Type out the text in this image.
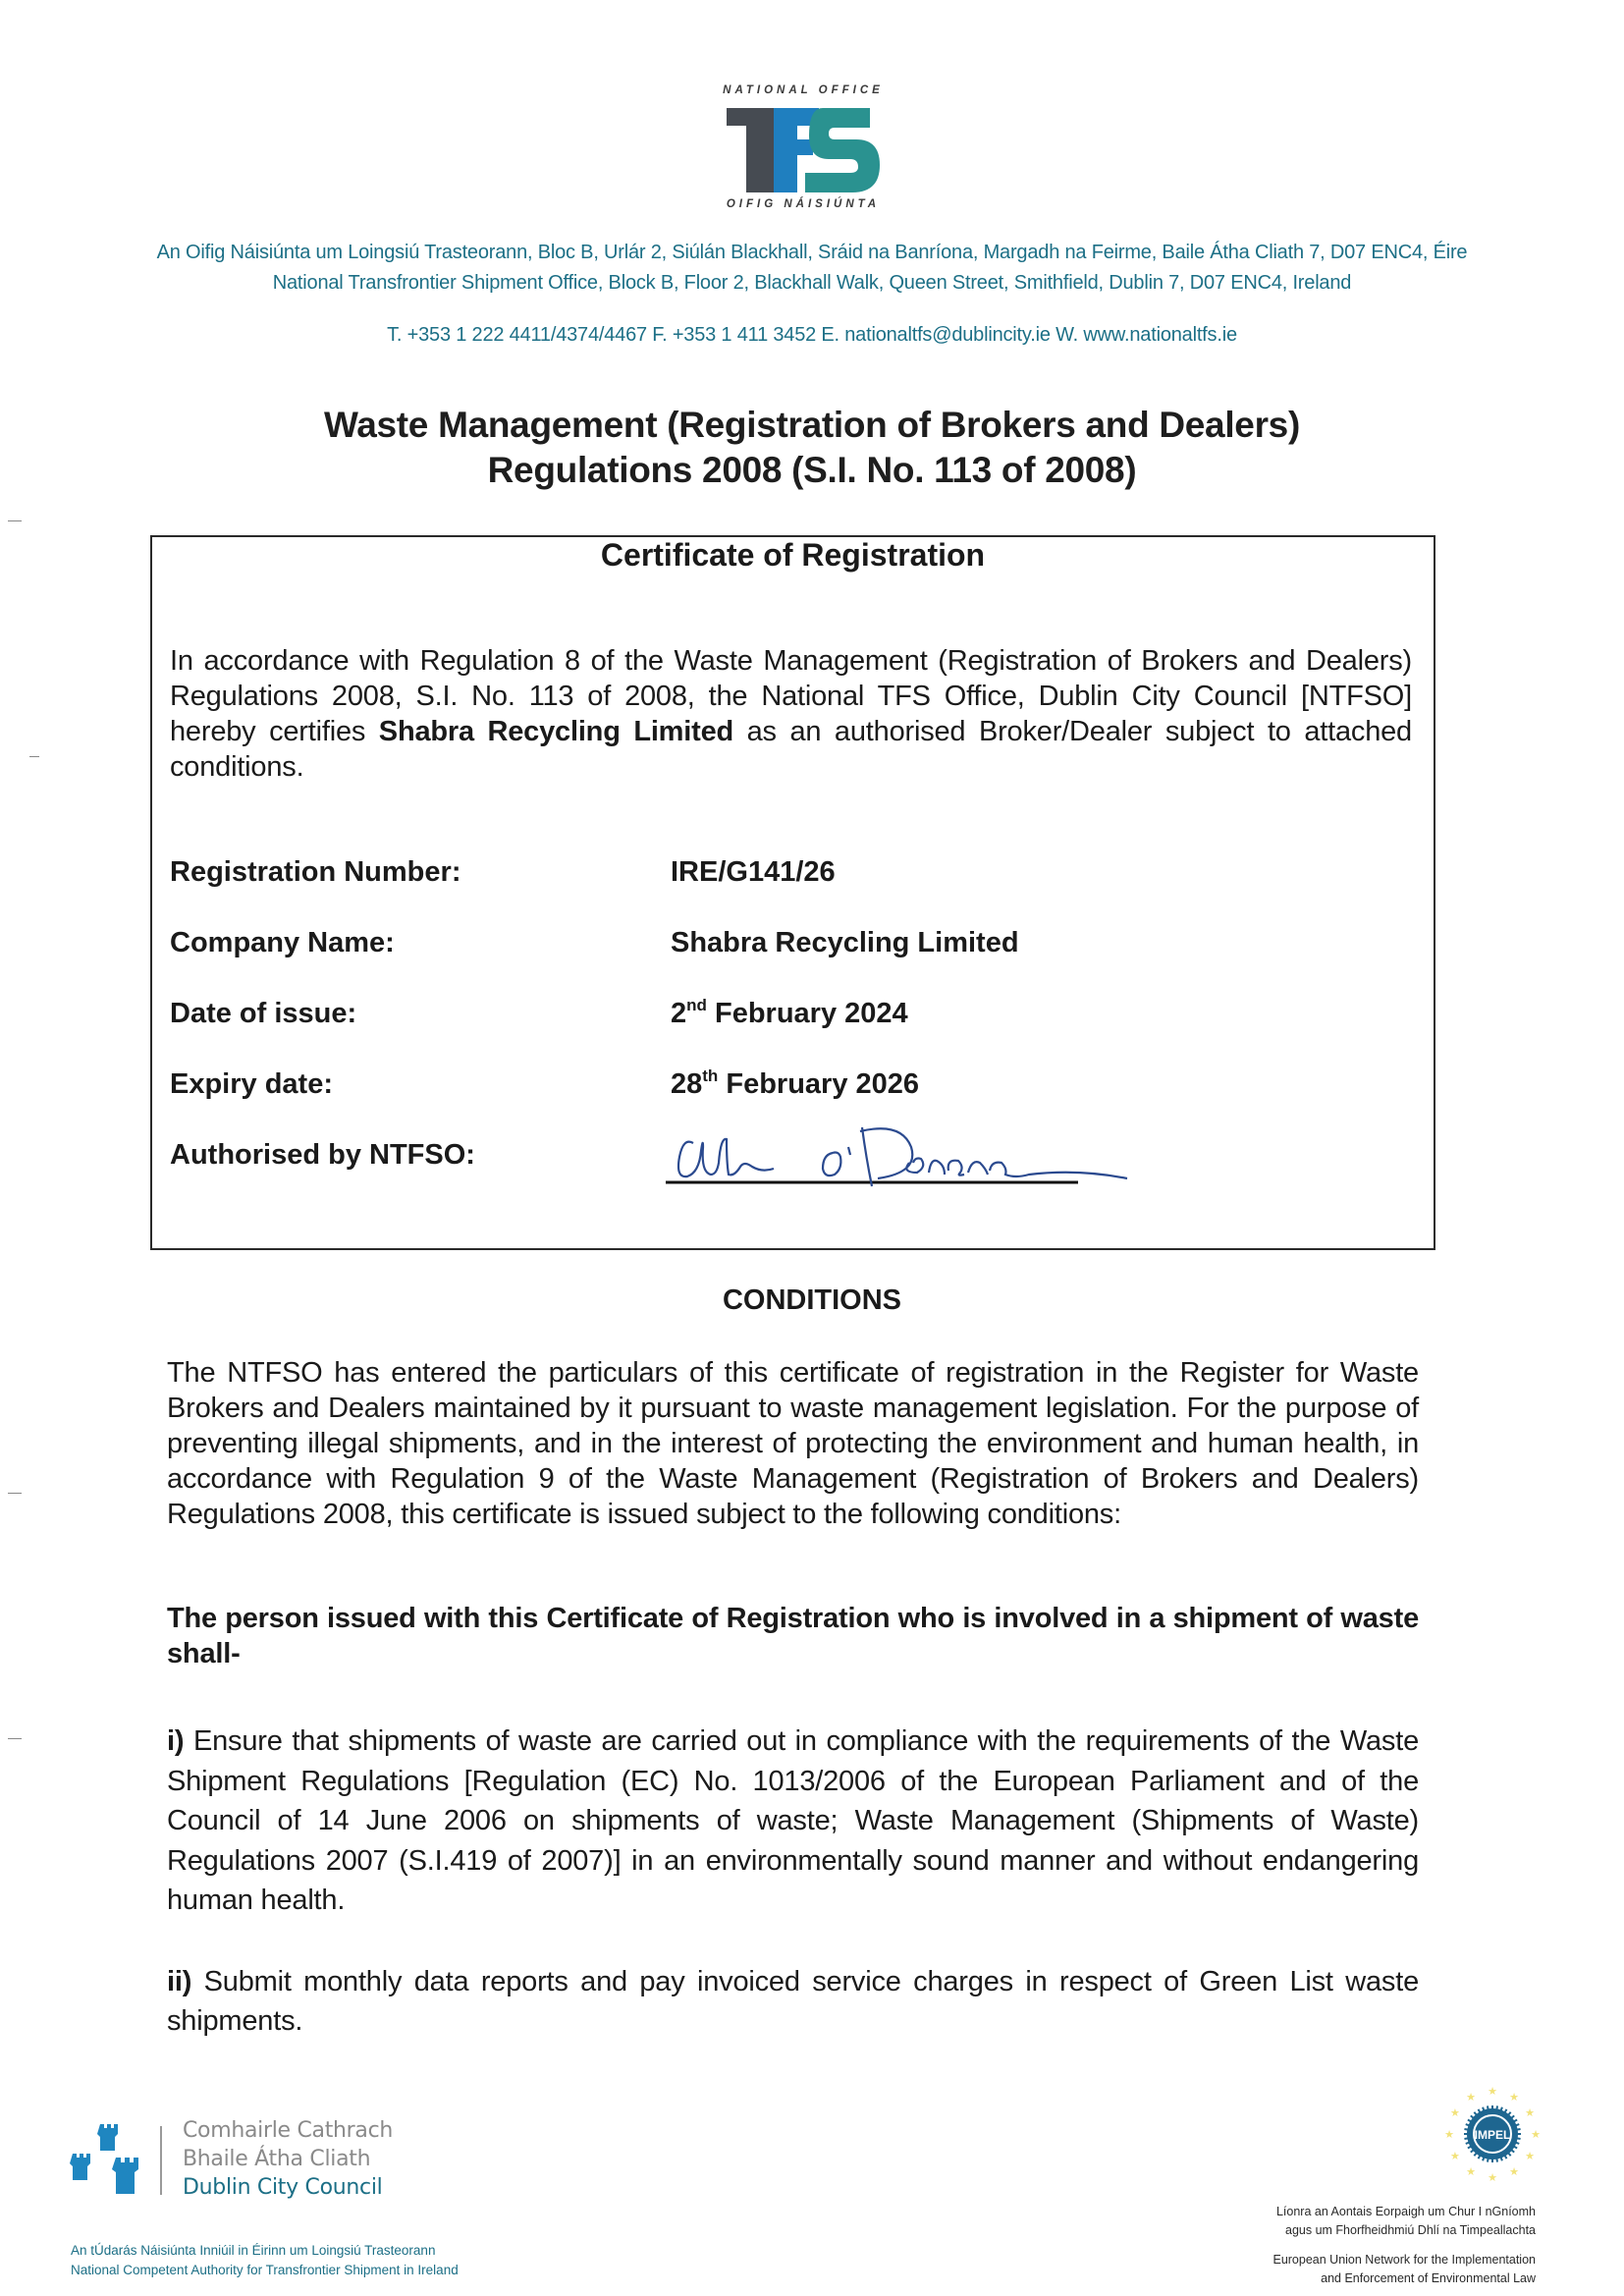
NATIONAL OFFICE
OIFIG NÁISIÚNTA
An Oifig Náisiúnta um Loingsiú Trasteorann, Bloc B, Urlár 2, Siúlán Blackhall, Sráid na Banríona, Margadh na Feirme, Baile Átha Cliath 7, D07 ENC4, Éire
National Transfrontier Shipment Office, Block B, Floor 2, Blackhall Walk, Queen Street, Smithfield, Dublin 7, D07 ENC4, Ireland
T. +353 1 222 4411/4374/4467 F. +353 1 411 3452 E. nationaltfs@dublincity.ie W. www.nationaltfs.ie
Waste Management (Registration of Brokers and Dealers)
Regulations 2008 (S.I. No. 113 of 2008)
Certificate of Registration
In accordance with Regulation 8 of the Waste Management (Registration of Brokers and Dealers) Regulations 2008, S.I. No. 113 of 2008, the National TFS Office, Dublin City Council [NTFSO] hereby certifies Shabra Recycling Limited as an authorised Broker/Dealer subject to attached conditions.
Registration Number:	IRE/G141/26
Company Name:	Shabra Recycling Limited
Date of issue:	2nd February 2024
Expiry date:	28th February 2026
Authorised by NTFSO:
CONDITIONS
The NTFSO has entered the particulars of this certificate of registration in the Register for Waste Brokers and Dealers maintained by it pursuant to waste management legislation. For the purpose of preventing illegal shipments, and in the interest of protecting the environment and human health, in accordance with Regulation 9 of the Waste Management (Registration of Brokers and Dealers) Regulations 2008, this certificate is issued subject to the following conditions:
The person issued with this Certificate of Registration who is involved in a shipment of waste shall-
i) Ensure that shipments of waste are carried out in compliance with the requirements of the Waste Shipment Regulations [Regulation (EC) No. 1013/2006 of the European Parliament and of the Council of 14 June 2006 on shipments of waste; Waste Management (Shipments of Waste) Regulations 2007 (S.I.419 of 2007)] in an environmentally sound manner and without endangering human health.
ii) Submit monthly data reports and pay invoiced service charges in respect of Green List waste shipments.
Comhairle Cathrach
Bhaile Átha Cliath
Dublin City Council
An tÚdarás Náisiúnta Inniúil in Éirinn um Loingsiú Trasteorann
National Competent Authority for Transfrontier Shipment in Ireland
★ ★
★
★
★
★
★
★
★
★
★
★
IMPEL
Líonra an Aontais Eorpaigh um Chur I nGníomh
agus um Fhorfheidhmiú Dhlí na Timpeallachta
European Union Network for the Implementation
and Enforcement of Environmental Law
